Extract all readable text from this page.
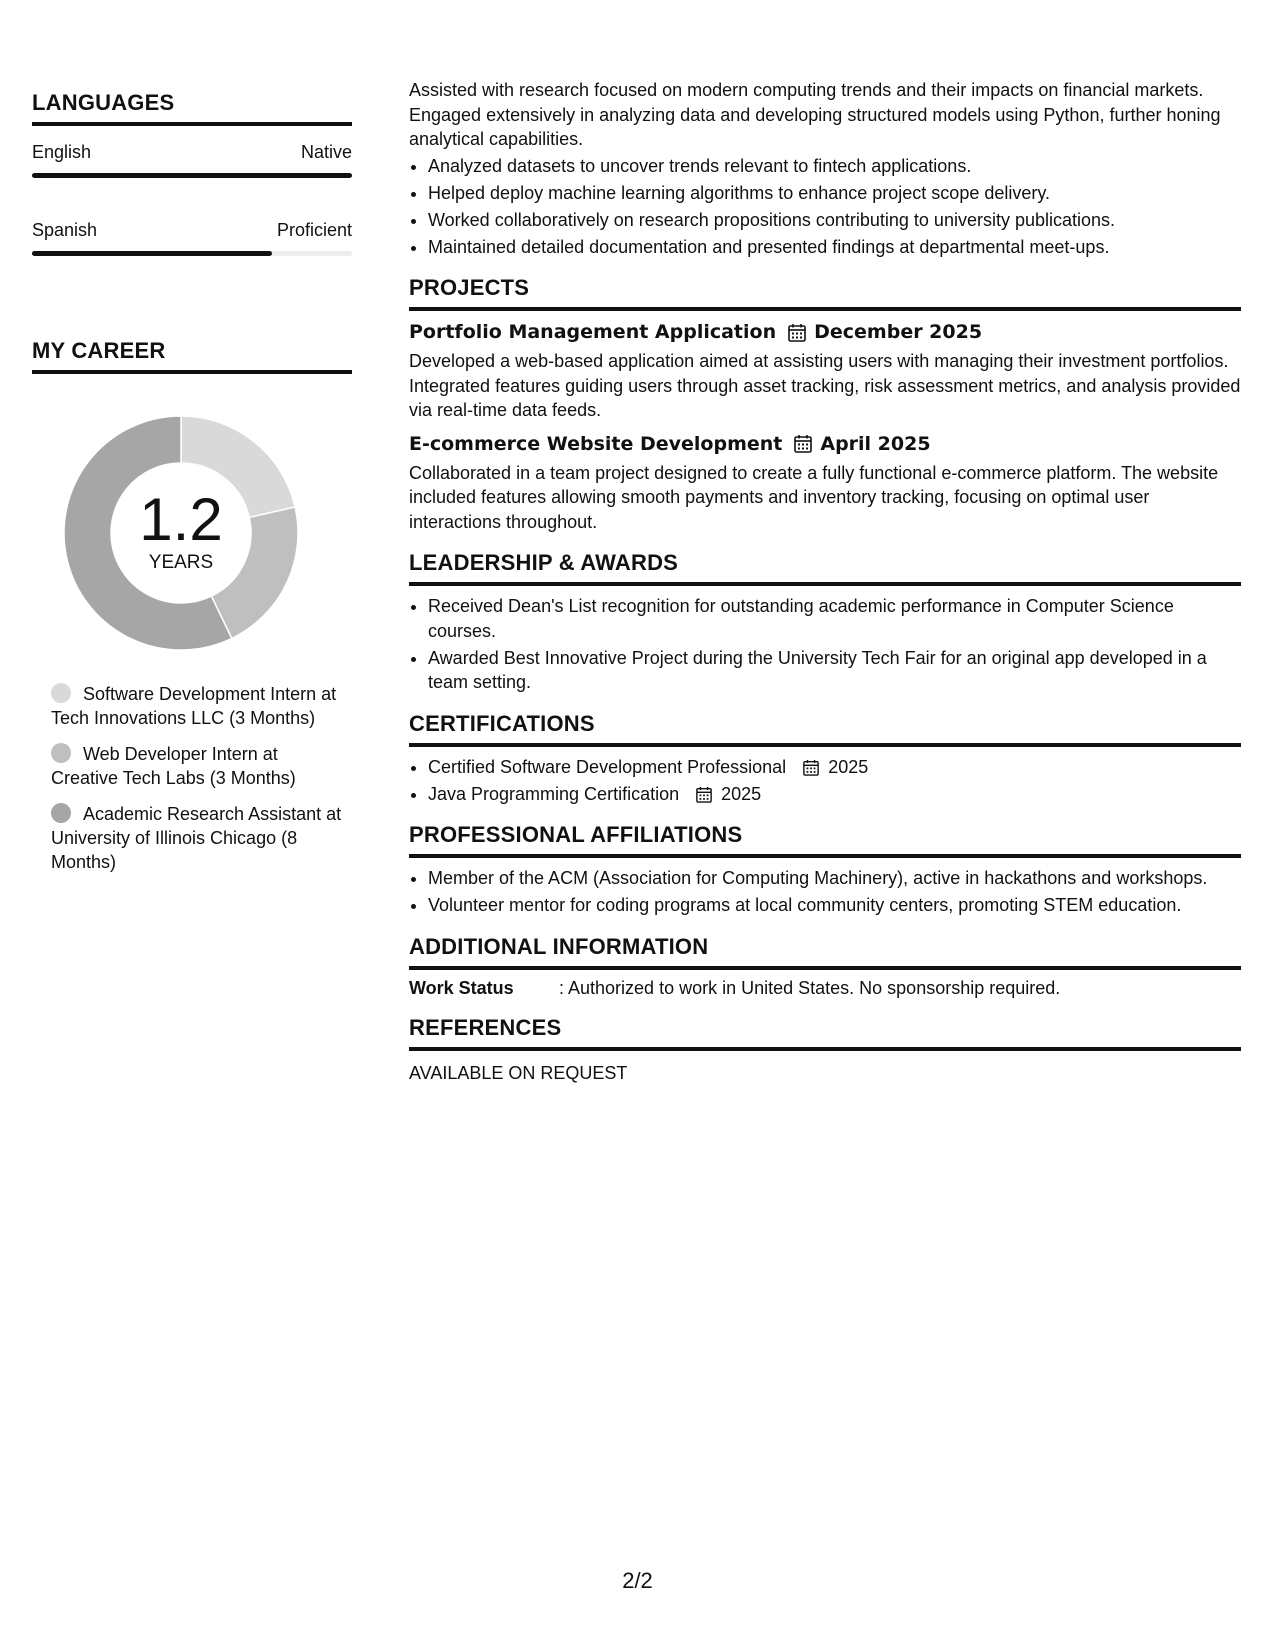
LANGUAGES
English	Native
Spanish	Proficient
MY CAREER
1.2
YEARS
Software Development Intern at Tech Innovations LLC (3 Months)
Web Developer Intern at Creative Tech Labs (3 Months)
Academic Research Assistant at University of Illinois Chicago (8 Months)

Assisted with research focused on modern computing trends and their impacts on financial markets. Engaged extensively in analyzing data and developing structured models using Python, further honing analytical capabilities.

• Analyzed datasets to uncover trends relevant to fintech applications.
• Helped deploy machine learning algorithms to enhance project scope delivery.
• Worked collaboratively on research propositions contributing to university publications.
• Maintained detailed documentation and presented findings at departmental meet-ups.
PROJECTS
Portfolio Management Application December 2025

Developed a web-based application aimed at assisting users with managing their investment portfolios. Integrated features guiding users through asset tracking, risk assessment metrics, and analysis provided via real-time data feeds.

E-commerce Website Development April 2025

Collaborated in a team project designed to create a fully functional e-commerce platform. The website included features allowing smooth payments and inventory tracking, focusing on optimal user interactions throughout.

LEADERSHIP & AWARDS
• Received Dean's List recognition for outstanding academic performance in Computer Science courses.
• Awarded Best Innovative Project during the University Tech Fair for an original app developed in a team setting.
CERTIFICATIONS
• Certified Software Development Professional 2025
• Java Programming Certification 2025
PROFESSIONAL AFFILIATIONS
• Member of the ACM (Association for Computing Machinery), active in hackathons and workshops.
• Volunteer mentor for coding programs at local community centers, promoting STEM education.
ADDITIONAL INFORMATION
Work Status	: Authorized to work in United States. No sponsorship required.
REFERENCES
AVAILABLE ON REQUEST
2/2
